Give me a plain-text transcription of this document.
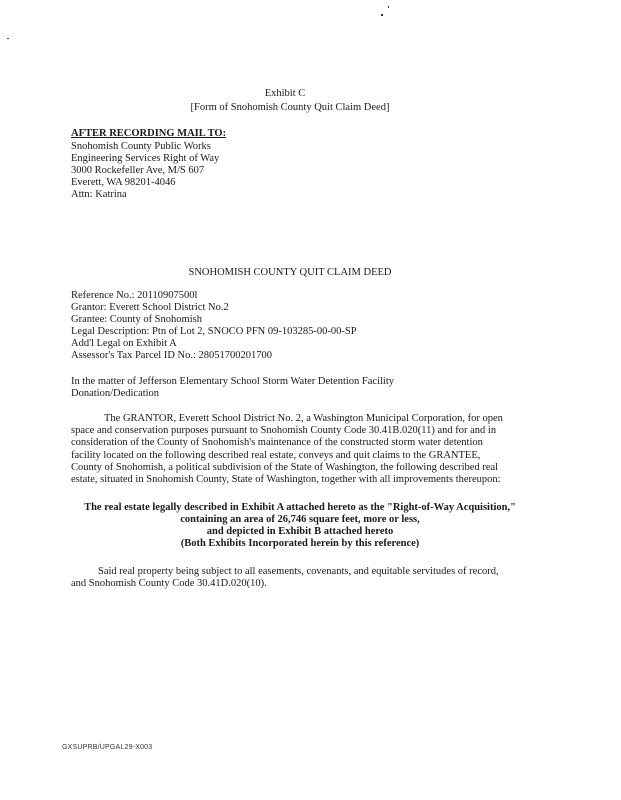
Exhibit C
[Form of Snohomish County Quit Claim Deed]
AFTER RECORDING MAIL TO:
Snohomish County Public Works
Engineering Services Right of Way
3000 Rockefeller Ave, M/S 607
Everett, WA 98201-4046
Attn: Katrina
SNOHOMISH COUNTY QUIT CLAIM DEED
Reference No.: 20110907500l
Grantor: Everett School District No.2
Grantee: County of Snohomish
Legal Description: Ptn of Lot 2, SNOCO PFN 09-103285-00-00-SP
Add'l Legal on Exhibit A
Assessor's Tax Parcel ID No.: 28051700201700
In the matter of Jefferson Elementary School Storm Water Detention Facility
Donation/Dedication
The GRANTOR, Everett School District No. 2, a Washington Municipal Corporation, for open
space and conservation purposes pursuant to Snohomish County Code 30.41B.020(11) and for and in
consideration of the County of Snohomish's maintenance of the constructed storm water detention
facility located on the following described real estate, conveys and quit claims to the GRANTEE,
County of Snohomish, a political subdivision of the State of Washington, the following described real
estate, situated in Snohomish County, State of Washington, together with all improvements thereupon:
The real estate legally described in Exhibit A attached hereto as the "Right-of-Way Acquisition,"
containing an area of 26,746 square feet, more or less,
and depicted in Exhibit B attached hereto
(Both Exhibits Incorporated herein by this reference)
Said real property being subject to all easements, covenants, and equitable servitudes of record,
and Snohomish County Code 30.41D.020(10).
GXSUPRB/UPGAL29-X003
